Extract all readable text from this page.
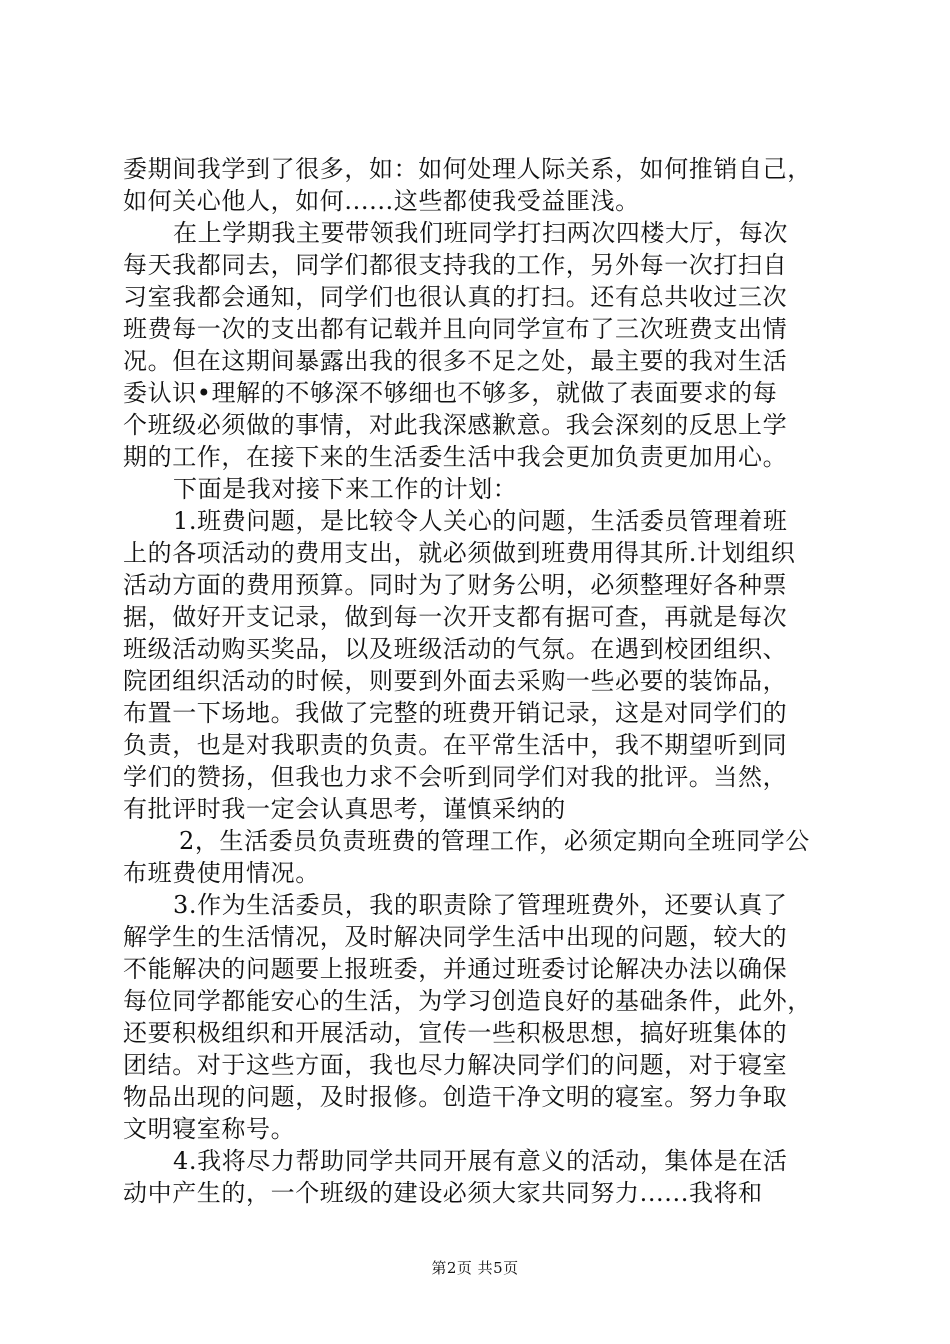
委期间我学到了很多，如：如何处理人际关系，如何推销自己，
如何关心他人，如何......这些都使我受益匪浅。
在上学期我主要带领我们班同学打扫两次四楼大厅，每次
每天我都同去，同学们都很支持我的工作，另外每一次打扫自
习室我都会通知，同学们也很认真的打扫。还有总共收过三次
班费每一次的支出都有记载并且向同学宣布了三次班费支出情
况。但在这期间暴露出我的很多不足之处，最主要的我对生活
委认识•理解的不够深不够细也不够多，就做了表面要求的每
个班级必须做的事情，对此我深感歉意。我会深刻的反思上学
期的工作，在接下来的生活委生活中我会更加负责更加用心。
下面是我对接下来工作的计划：
1.班费问题，是比较令人关心的问题，生活委员管理着班
上的各项活动的费用支出，就必须做到班费用得其所.计划组织
活动方面的费用预算。同时为了财务公明，必须整理好各种票
据，做好开支记录，做到每一次开支都有据可查，再就是每次
班级活动购买奖品，以及班级活动的气氛。在遇到校团组织、
院团组织活动的时候，则要到外面去采购一些必要的装饰品，
布置一下场地。我做了完整的班费开销记录，这是对同学们的
负责，也是对我职责的负责。在平常生活中，我不期望听到同
学们的赞扬，但我也力求不会听到同学们对我的批评。当然，
有批评时我一定会认真思考，谨慎采纳的
2，生活委员负责班费的管理工作，必须定期向全班同学公
布班费使用情况。
3.作为生活委员，我的职责除了管理班费外，还要认真了
解学生的生活情况，及时解决同学生活中出现的问题，较大的
不能解决的问题要上报班委，并通过班委讨论解决办法以确保
每位同学都能安心的生活，为学习创造良好的基础条件，此外，
还要积极组织和开展活动，宣传一些积极思想，搞好班集体的
团结。对于这些方面，我也尽力解决同学们的问题，对于寝室
物品出现的问题，及时报修。创造干净文明的寝室。努力争取
文明寝室称号。
4.我将尽力帮助同学共同开展有意义的活动，集体是在活
动中产生的，一个班级的建设必须大家共同努力......我将和
第2页 共5页
